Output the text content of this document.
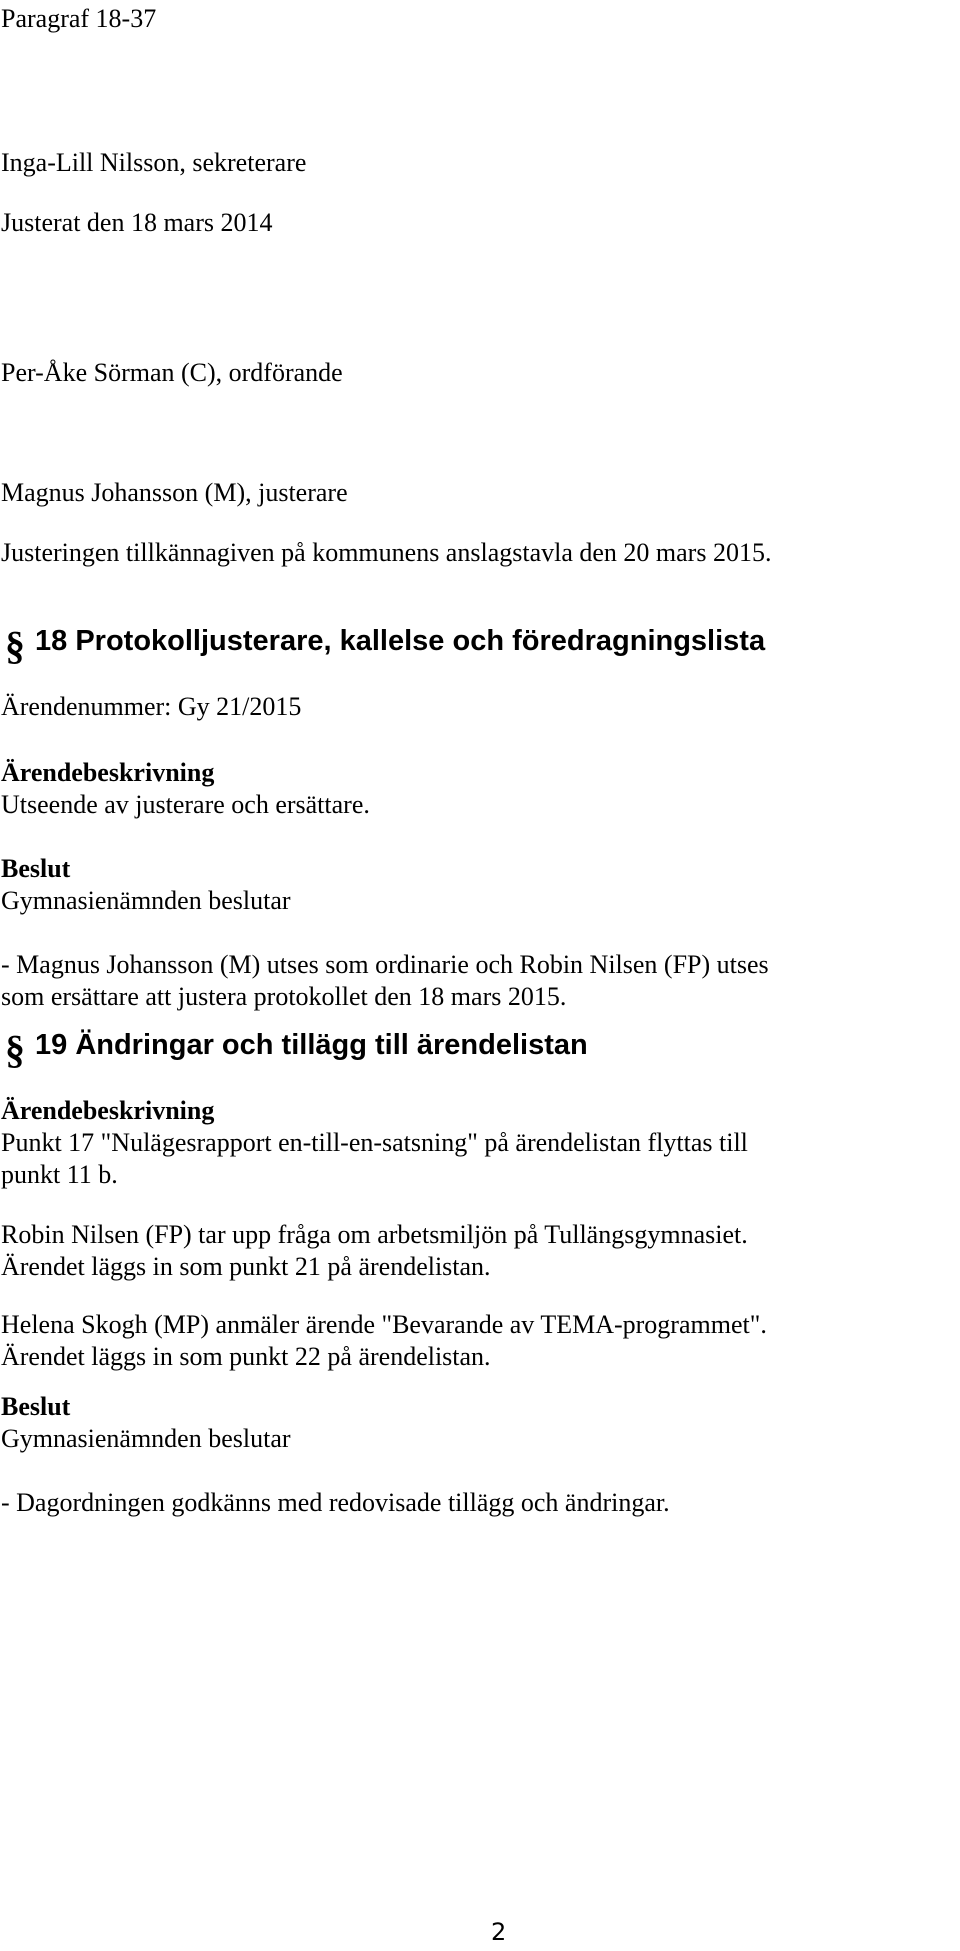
Paragraf 18-37
Inga-Lill Nilsson, sekreterare
Justerat den 18 mars 2014
Per-Åke Sörman (C), ordförande
Magnus Johansson (M), justerare
Justeringen tillkännagiven på kommunens anslagstavla den 20 mars 2015.
§ 18 Protokolljusterare, kallelse och föredragningslista
Ärendenummer: Gy 21/2015
Ärendebeskrivning
Utseende av justerare och ersättare.
Beslut
Gymnasienämnden beslutar
- Magnus Johansson (M) utses som ordinarie och Robin Nilsen (FP) utses
som ersättare att justera protokollet den 18 mars 2015.
§ 19 Ändringar och tillägg till ärendelistan
Ärendebeskrivning
Punkt 17 "Nulägesrapport en-till-en-satsning" på ärendelistan flyttas till
punkt 11 b.
Robin Nilsen (FP) tar upp fråga om arbetsmiljön på Tullängsgymnasiet.
Ärendet läggs in som punkt 21 på ärendelistan.
Helena Skogh (MP) anmäler ärende "Bevarande av TEMA-programmet".
Ärendet läggs in som punkt 22 på ärendelistan.
Beslut
Gymnasienämnden beslutar
- Dagordningen godkänns med redovisade tillägg och ändringar.
2
